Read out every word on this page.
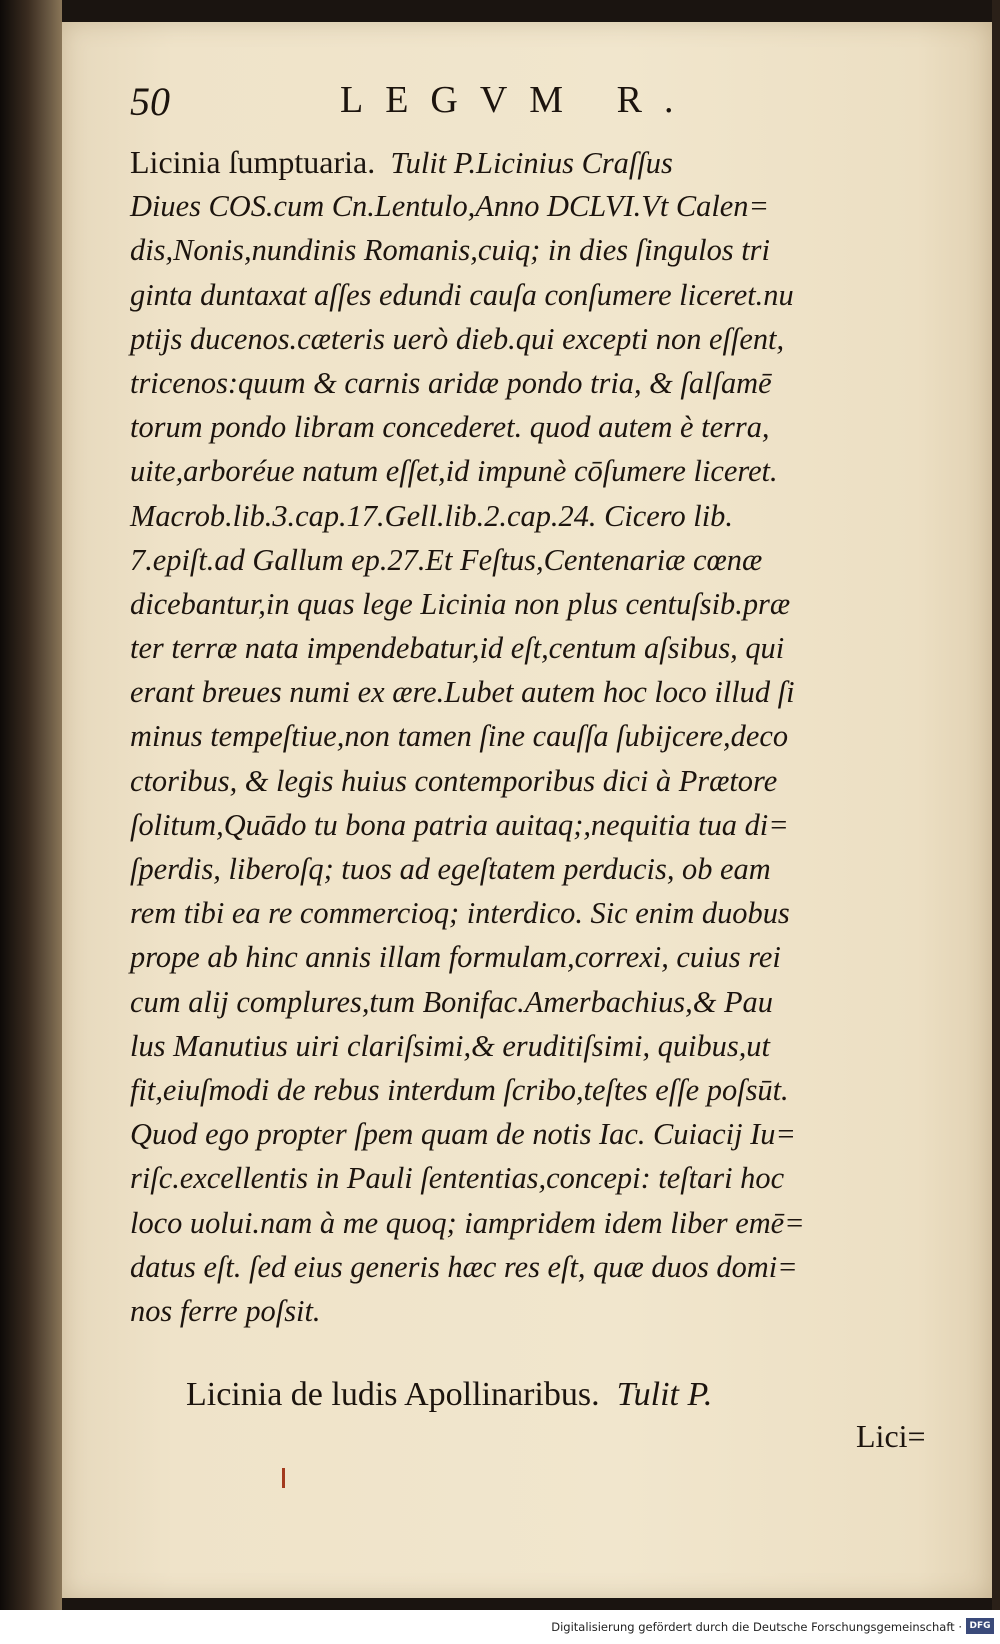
50	LEGVM R.
Licinia ſumptuaria. Tulit P.Licinius Craſſus
Diues COS.cum Cn.Lentulo,Anno DCLVI.Vt Calen=
dis,Nonis,nundinis Romanis,cuiq; in dies ſingulos tri
ginta duntaxat aſſes edundi cauſa conſumere liceret.nu
ptijs ducenos.cæteris uerò dieb.qui excepti non eſſent,
tricenos:quum & carnis aridæ pondo tria, & ſalſamē
torum pondo libram concederet. quod autem è terra,
uite,arboréue natum eſſet,id impunè cōſumere liceret.
Macrob.lib.3.cap.17.Gell.lib.2.cap.24. Cicero lib.
7.epiſt.ad Gallum ep.27.Et Feſtus,Centenariæ cœnæ
dicebantur,in quas lege Licinia non plus centuſsib.præ
ter terræ nata impendebatur,id eſt,centum aſsibus, qui
erant breues numi ex ære.Lubet autem hoc loco illud ſi
minus tempeſtiue,non tamen ſine cauſſa ſubijcere,deco
ctoribus, & legis huius contemporibus dici à Prætore
ſolitum,Quādo tu bona patria auitaq;,nequitia tua di=
ſperdis, liberoſq; tuos ad egeſtatem perducis, ob eam
rem tibi ea re commercioq; interdico. Sic enim duobus
prope ab hinc annis illam formulam,correxi, cuius rei
cum alij complures,tum Bonifac.Amerbachius,& Pau
lus Manutius uiri clariſsimi,& eruditiſsimi, quibus,ut
fit,eiuſmodi de rebus interdum ſcribo,teſtes eſſe poſsūt.
Quod ego propter ſpem quam de notis Iac. Cuiacij Iu=
riſc.excellentis in Pauli ſententias,concepi: teſtari hoc
loco uolui.nam à me quoq; iampridem idem liber emē=
datus eſt. ſed eius generis hæc res eſt, quæ duos domi=
nos ferre poſsit.
Licinia de ludis Apollinaribus. Tulit P.
Lici=
Digitalisierung gefördert durch die Deutsche Forschungsgemeinschaft · DFG
